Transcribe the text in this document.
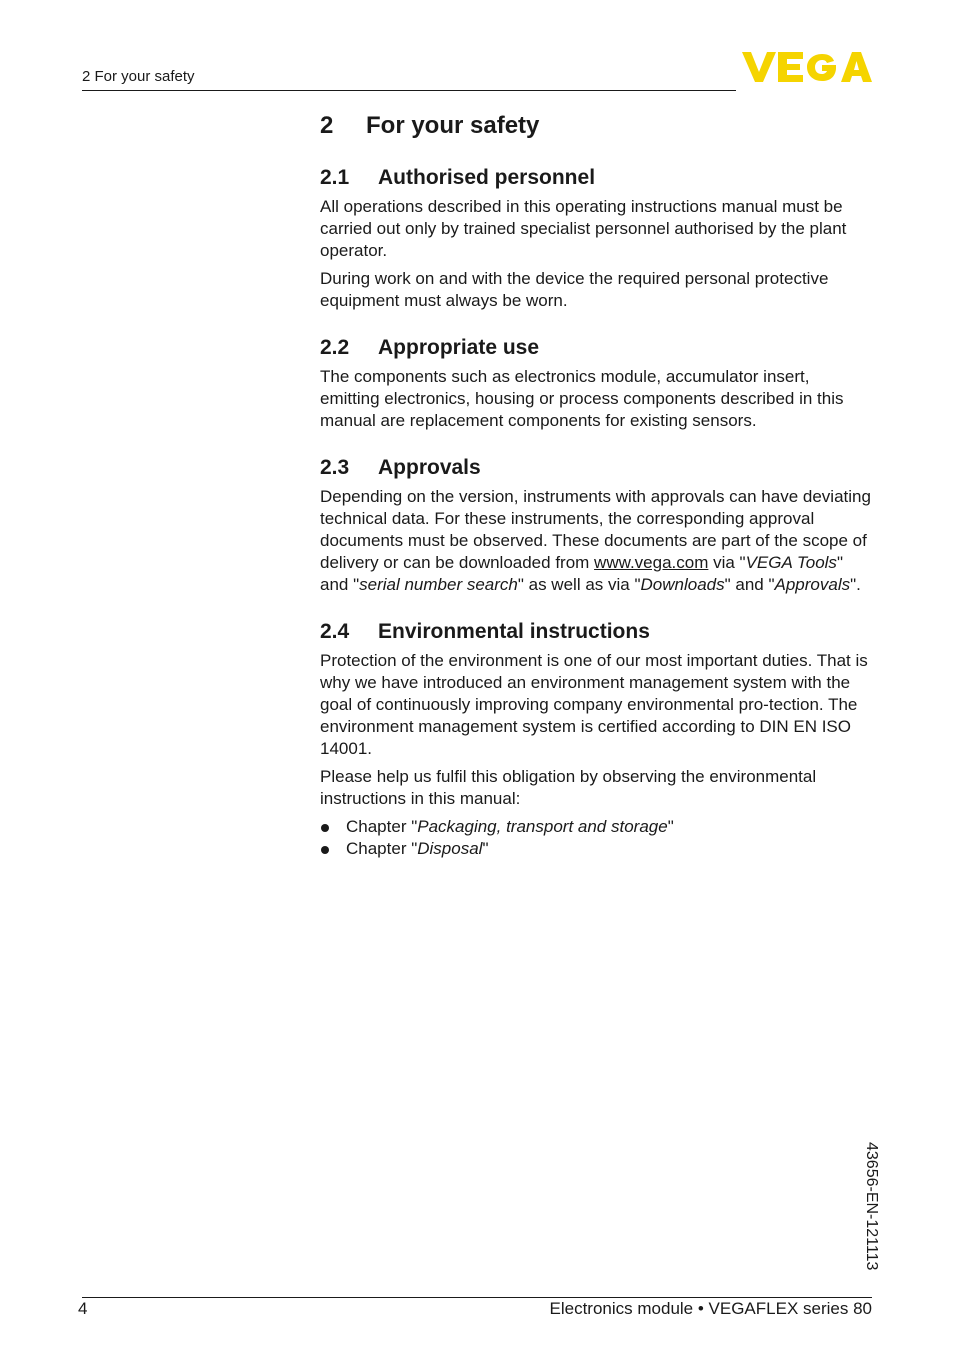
2 For your safety
2 For your safety
2.1 Authorised personnel

All operations described in this operating instructions manual must be carried out only by trained specialist personnel authorised by the plant operator.

During work on and with the device the required personal protective equipment must always be worn.

2.2 Appropriate use

The components such as electronics module, accumulator insert, emitting electronics, housing or process components described in this manual are replacement components for existing sensors.

2.3 Approvals

Depending on the version, instruments with approvals can have deviating technical data. For these instruments, the corresponding approval documents must be observed. These documents are part of the scope of delivery or can be downloaded from www.vega.com via "VEGA Tools" and "serial number search" as well as via "Downloads" and "Approvals".

2.4 Environmental instructions

Protection of the environment is one of our most important duties. That is why we have introduced an environment management system with the goal of continuously improving company environmental pro-tection. The environment management system is certified according to DIN EN ISO 14001.

Please help us fulfil this obligation by observing the environmental instructions in this manual:

Chapter "Packaging, transport and storage"
Chapter "Disposal"
43656-EN-121113
4	Electronics module • VEGAFLEX series 80
